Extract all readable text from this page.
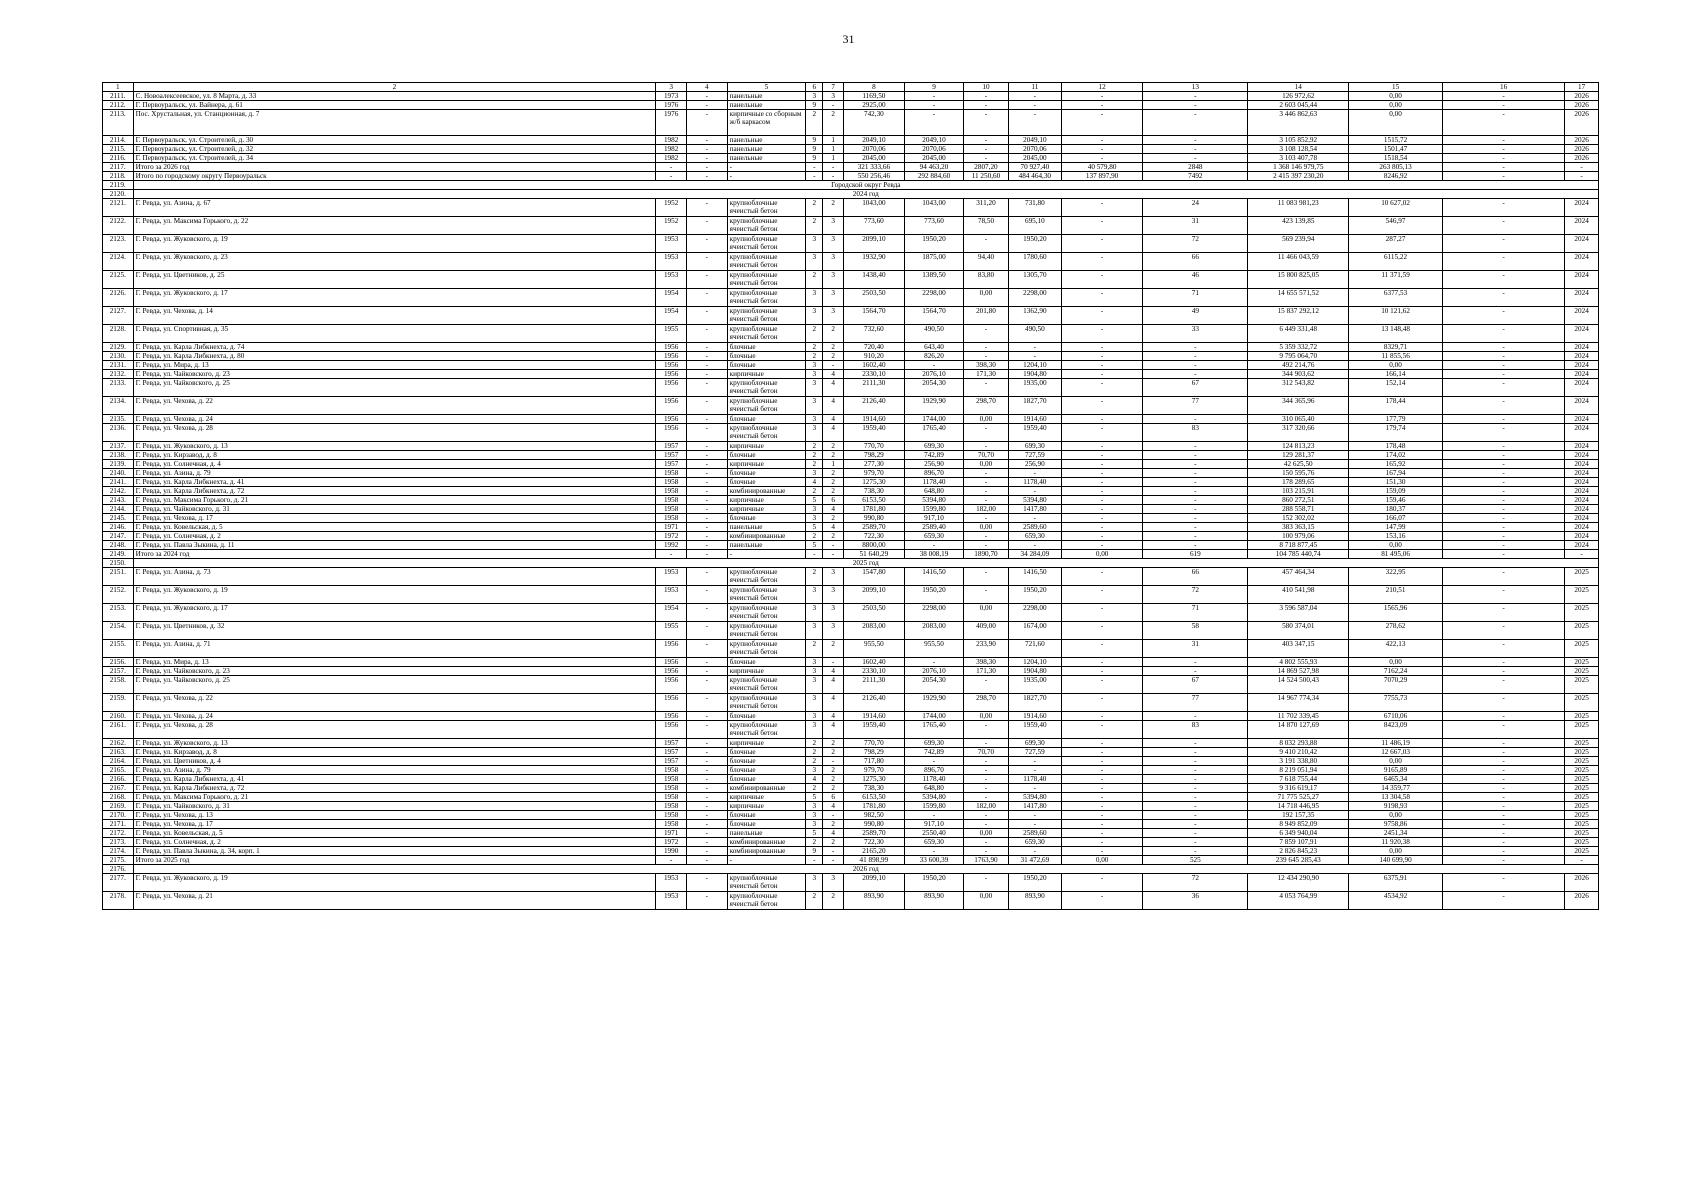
31
1	2	3	4	5	6	7	8	9	10	11	12	13	14	15	16	17
2111.	С. Новоалексеевское, ул. 8 Марта, д. 33	1973	-	панельные	3	3	1169,50	-	-	-	-	-	126 972,62	0,00	-	2026
2112.	Г. Первоуральск, ул. Вайнера, д. 61	1976	-	панельные	9	-	2925,00	-	-	-	-	-	2 603 045,44	0,00	-	2026
2113.	Пос. Хрустальная, ул. Станционная, д. 7	1976	-	кирпичные со сборным ж/б каркасом	2	2	742,30	-	-	-	-	-	3 446 862,63	0,00	-	2026
2114.	Г. Первоуральск, ул. Строителей, д. 30	1982	-	панельные	9	1	2049,10	2049,10	-	2049,10	-	-	3 105 852,92	1515,72	-	2026
2115.	Г. Первоуральск, ул. Строителей, д. 32	1982	-	панельные	9	1	2070,06	2070,06	-	2070,06	-	-	3 108 128,54	1501,47	-	2026
2116.	Г. Первоуральск, ул. Строителей, д. 34	1982	-	панельные	9	1	2045,00	2045,00	-	2045,00	-	-	3 103 407,78	1518,54	-	2026
2117.	Итого за 2026 год	-	-	-	-	-	321 333,66	94 463,20	2807,20	70 927,40	40 579,80	2848	1 368 146 979,75	263 805,13	-	-
2118.	Итого по городскому округу Первоуральск	-	-	-	-	-	550 256,46	292 884,60	11 250,60	484 464,30	137 897,90	7492	2 415 397 230,20	8246,92	-	-
2119.	Городской округ Ревда															
2120.	2024 год															
2121.	Г. Ревда, ул. Азина, д. 67	1952	-	крупноблочные ячеистый бетон	2	2	1043,00	1043,00	311,20	731,80	-	24	11 083 981,23	10 627,02	-	2024
2122.	Г. Ревда, ул. Максима Горького, д. 22	1952	-	крупноблочные ячеистый бетон	2	3	773,60	773,60	78,50	695,10	-	31	423 139,85	546,97	-	2024
2123.	Г. Ревда, ул. Жуковского, д. 19	1953	-	крупноблочные ячеистый бетон	3	3	2099,10	1950,20	-	1950,20	-	72	569 239,94	287,27	-	2024
2124.	Г. Ревда, ул. Жуковского, д. 23	1953	-	крупноблочные ячеистый бетон	3	3	1932,90	1875,00	94,40	1780,60	-	66	11 466 043,59	6115,22	-	2024
2125.	Г. Ревда, ул. Цветников, д. 25	1953	-	крупноблочные ячеистый бетон	2	3	1438,40	1389,50	83,80	1305,70	-	46	15 800 825,05	11 371,59	-	2024
2126.	Г. Ревда, ул. Жуковского, д. 17	1954	-	крупноблочные ячеистый бетон	3	3	2503,50	2298,00	0,00	2298,00	-	71	14 655 571,52	6377,53	-	2024
2127.	Г. Ревда, ул. Чехова, д. 14	1954	-	крупноблочные ячеистый бетон	3	3	1564,70	1564,70	201,80	1362,90	-	49	15 837 292,12	10 121,62	-	2024
2128.	Г. Ревда, ул. Спортивная, д. 35	1955	-	крупноблочные ячеистый бетон	2	2	732,60	490,50	-	490,50	-	33	6 449 331,48	13 148,48	-	2024
2129.	Г. Ревда, ул. Карла Либкнехта, д. 74	1956	-	блочные	2	2	720,40	643,40	-	-	-	-	5 359 332,72	8329,71	-	2024
2130.	Г. Ревда, ул. Карла Либкнехта, д. 80	1956	-	блочные	2	2	910,20	826,20	-	-	-	-	9 795 064,70	11 855,56	-	2024
2131.	Г. Ревда, ул. Мира, д. 13	1956	-	блочные	3	-	1602,40	-	398,30	1204,10	-	-	492 214,76	0,00	-	2024
2132.	Г. Ревда, ул. Чайковского, д. 23	1956	-	кирпичные	3	4	2330,10	2076,10	171,30	1904,80	-	-	344 903,62	166,14	-	2024
2133.	Г. Ревда, ул. Чайковского, д. 25	1956	-	крупноблочные ячеистый бетон	3	4	2111,30	2054,30	-	1935,00	-	67	312 543,82	152,14	-	2024
2134.	Г. Ревда, ул. Чехова, д. 22	1956	-	крупноблочные ячеистый бетон	3	4	2126,40	1929,90	298,70	1827,70	-	77	344 365,96	178,44	-	2024
2135.	Г. Ревда, ул. Чехова, д. 24	1956	-	блочные	3	4	1914,60	1744,00	0,00	1914,60	-	-	310 065,40	177,79	-	2024
2136.	Г. Ревда, ул. Чехова, д. 28	1956	-	крупноблочные ячеистый бетон	3	4	1959,40	1765,40	-	1959,40	-	83	317 320,66	179,74	-	2024
2137.	Г. Ревда, ул. Жуковского, д. 13	1957	-	кирпичные	2	2	770,70	699,30	-	699,30	-	-	124 813,23	178,48	-	2024
2138.	Г. Ревда, ул. Кирзавод, д. 8	1957	-	блочные	2	2	798,29	742,89	70,70	727,59	-	-	129 281,37	174,02	-	2024
2139.	Г. Ревда, ул. Солнечная, д. 4	1957	-	кирпичные	2	1	277,30	256,90	0,00	256,90	-	-	42 625,50	165,92	-	2024
2140.	Г. Ревда, ул. Азина, д. 79	1958	-	блочные	3	2	979,70	896,70	-	-	-	-	150 595,76	167,94	-	2024
2141.	Г. Ревда, ул. Карла Либкнехта, д. 41	1958	-	блочные	4	2	1275,30	1178,40	-	1178,40	-	-	178 289,65	151,30	-	2024
2142.	Г. Ревда, ул. Карла Либкнехта, д. 72	1958	-	комбинированные	2	2	738,30	648,80	-	-	-	-	103 215,91	159,09	-	2024
2143.	Г. Ревда, ул. Максима Горького, д. 21	1958	-	кирпичные	5	6	6153,50	5394,80	-	5394,80	-	-	860 272,51	159,46	-	2024
2144.	Г. Ревда, ул. Чайковского, д. 31	1958	-	кирпичные	3	4	1781,80	1599,80	182,00	1417,80	-	-	288 558,71	180,37	-	2024
2145.	Г. Ревда, ул. Чехова, д. 17	1958	-	блочные	3	2	990,80	917,10	-	-	-	-	152 302,02	166,07	-	2024
2146.	Г. Ревда, ул. Ковельская, д. 5	1971	-	панельные	5	4	2589,70	2589,40	0,00	2589,60	-	-	383 363,15	147,99	-	2024
2147.	Г. Ревда, ул. Солнечная, д. 2	1972	-	комбинированные	2	2	722,30	659,30	-	659,30	-	-	100 979,06	153,16	-	2024
2148.	Г. Ревда, ул. Павла Зыкина, д. 11	1992	-	панельные	5	-	8800,00	-	-	-	-	-	8 718 877,45	0,00	-	2024
2149.	Итого за 2024 год	-	-	-	-	-	51 640,29	38 008,19	1890,70	34 284,09	0,00	619	104 785 440,74	81 495,06	-	-
2150.	2025 год															
2151.	Г. Ревда, ул. Азина, д. 73	1953	-	крупноблочные ячеистый бетон	2	3	1547,80	1416,50	-	1416,50	-	66	457 464,34	322,95	-	2025
2152.	Г. Ревда, ул. Жуковского, д. 19	1953	-	крупноблочные ячеистый бетон	3	3	2099,10	1950,20	-	1950,20	-	72	410 541,98	210,51	-	2025
2153.	Г. Ревда, ул. Жуковского, д. 17	1954	-	крупноблочные ячеистый бетон	3	3	2503,50	2298,00	0,00	2298,00	-	71	3 596 587,04	1565,96	-	2025
2154.	Г. Ревда, ул. Цветников, д. 32	1955	-	крупноблочные ячеистый бетон	3	3	2083,00	2083,00	409,00	1674,00	-	58	580 374,01	278,62	-	2025
2155.	Г. Ревда, ул. Азина, д. 71	1956	-	крупноблочные ячеистый бетон	2	2	955,50	955,50	233,90	721,60	-	31	403 347,15	422,13	-	2025
2156.	Г. Ревда, ул. Мира, д. 13	1956	-	блочные	3	-	1602,40	-	398,30	1204,10	-	-	4 802 555,93	0,00	-	2025
2157.	Г. Ревда, ул. Чайковского, д. 23	1956	-	кирпичные	3	4	2330,10	2076,10	171,30	1904,80	-	-	14 869 527,98	7162,24	-	2025
2158.	Г. Ревда, ул. Чайковского, д. 25	1956	-	крупноблочные ячеистый бетон	3	4	2111,30	2054,30	-	1935,00	-	67	14 524 500,43	7070,29	-	2025
2159.	Г. Ревда, ул. Чехова, д. 22	1956	-	крупноблочные ячеистый бетон	3	4	2126,40	1929,90	298,70	1827,70	-	77	14 967 774,34	7755,73	-	2025
2160.	Г. Ревда, ул. Чехова, д. 24	1956	-	блочные	3	4	1914,60	1744,00	0,00	1914,60	-	-	11 702 339,45	6710,06	-	2025
2161.	Г. Ревда, ул. Чехова, д. 28	1956	-	крупноблочные ячеистый бетон	3	4	1959,40	1765,40	-	1959,40	-	83	14 870 127,69	8423,09	-	2025
2162.	Г. Ревда, ул. Жуковского, д. 13	1957	-	кирпичные	2	2	770,70	699,30	-	699,30	-	-	8 032 293,88	11 486,19	-	2025
2163.	Г. Ревда, ул. Кирзавод, д. 8	1957	-	блочные	2	2	798,29	742,89	70,70	727,59	-	-	9 410 210,42	12 667,03	-	2025
2164.	Г. Ревда, ул. Цветников, д. 4	1957	-	блочные	2	-	717,80	-	-	-	-	-	3 191 338,80	0,00	-	2025
2165.	Г. Ревда, ул. Азина, д. 79	1958	-	блочные	3	2	979,70	896,70	-	-	-	-	8 219 051,94	9165,89	-	2025
2166.	Г. Ревда, ул. Карла Либкнехта, д. 41	1958	-	блочные	4	2	1275,30	1178,40	-	1178,40	-	-	7 618 755,44	6465,34	-	2025
2167.	Г. Ревда, ул. Карла Либкнехта, д. 72	1958	-	комбинированные	2	2	738,30	648,80	-	-	-	-	9 316 619,17	14 359,77	-	2025
2168.	Г. Ревда, ул. Максима Горького, д. 21	1958	-	кирпичные	5	6	6153,50	5394,80	-	5394,80	-	-	71 775 525,27	13 304,58	-	2025
2169.	Г. Ревда, ул. Чайковского, д. 31	1958	-	кирпичные	3	4	1781,80	1599,80	182,00	1417,80	-	-	14 718 446,95	9198,93	-	2025
2170.	Г. Ревда, ул. Чехова, д. 13	1958	-	блочные	3	-	982,50	-	-	-	-	-	192 157,35	0,00	-	2025
2171.	Г. Ревда, ул. Чехова, д. 17	1958	-	блочные	3	2	990,80	917,10	-	-	-	-	8 949 852,09	9758,86	-	2025
2172.	Г. Ревда, ул. Ковельская, д. 5	1971	-	панельные	5	4	2589,70	2550,40	0,00	2589,60	-	-	6 349 940,04	2451,34	-	2025
2173.	Г. Ревда, ул. Солнечная, д. 2	1972	-	комбинированные	2	2	722,30	659,30	-	659,30	-	-	7 859 107,91	11 920,38	-	2025
2174.	Г. Ревда, ул. Павла Зыкина, д. 34, корп. 1	1990	-	комбинированные	9	-	2165,20	-	-	-	-	-	2 826 845,23	0,00	-	2025
2175.	Итого за 2025 год	-	-	-	-	-	41 898,99	33 600,39	1763,90	31 472,69	0,00	525	239 645 285,43	140 699,90	-	-
2176.	2026 год															
2177.	Г. Ревда, ул. Жуковского, д. 19	1953	-	крупноблочные ячеистый бетон	3	3	2099,10	1950,20	-	1950,20	-	72	12 434 290,90	6375,91	-	2026
2178.	Г. Ревда, ул. Чехова, д. 21	1953	-	крупноблочные ячеистый бетон	2	2	893,90	893,90	0,00	893,90	-	36	4 053 764,99	4534,92	-	2026
